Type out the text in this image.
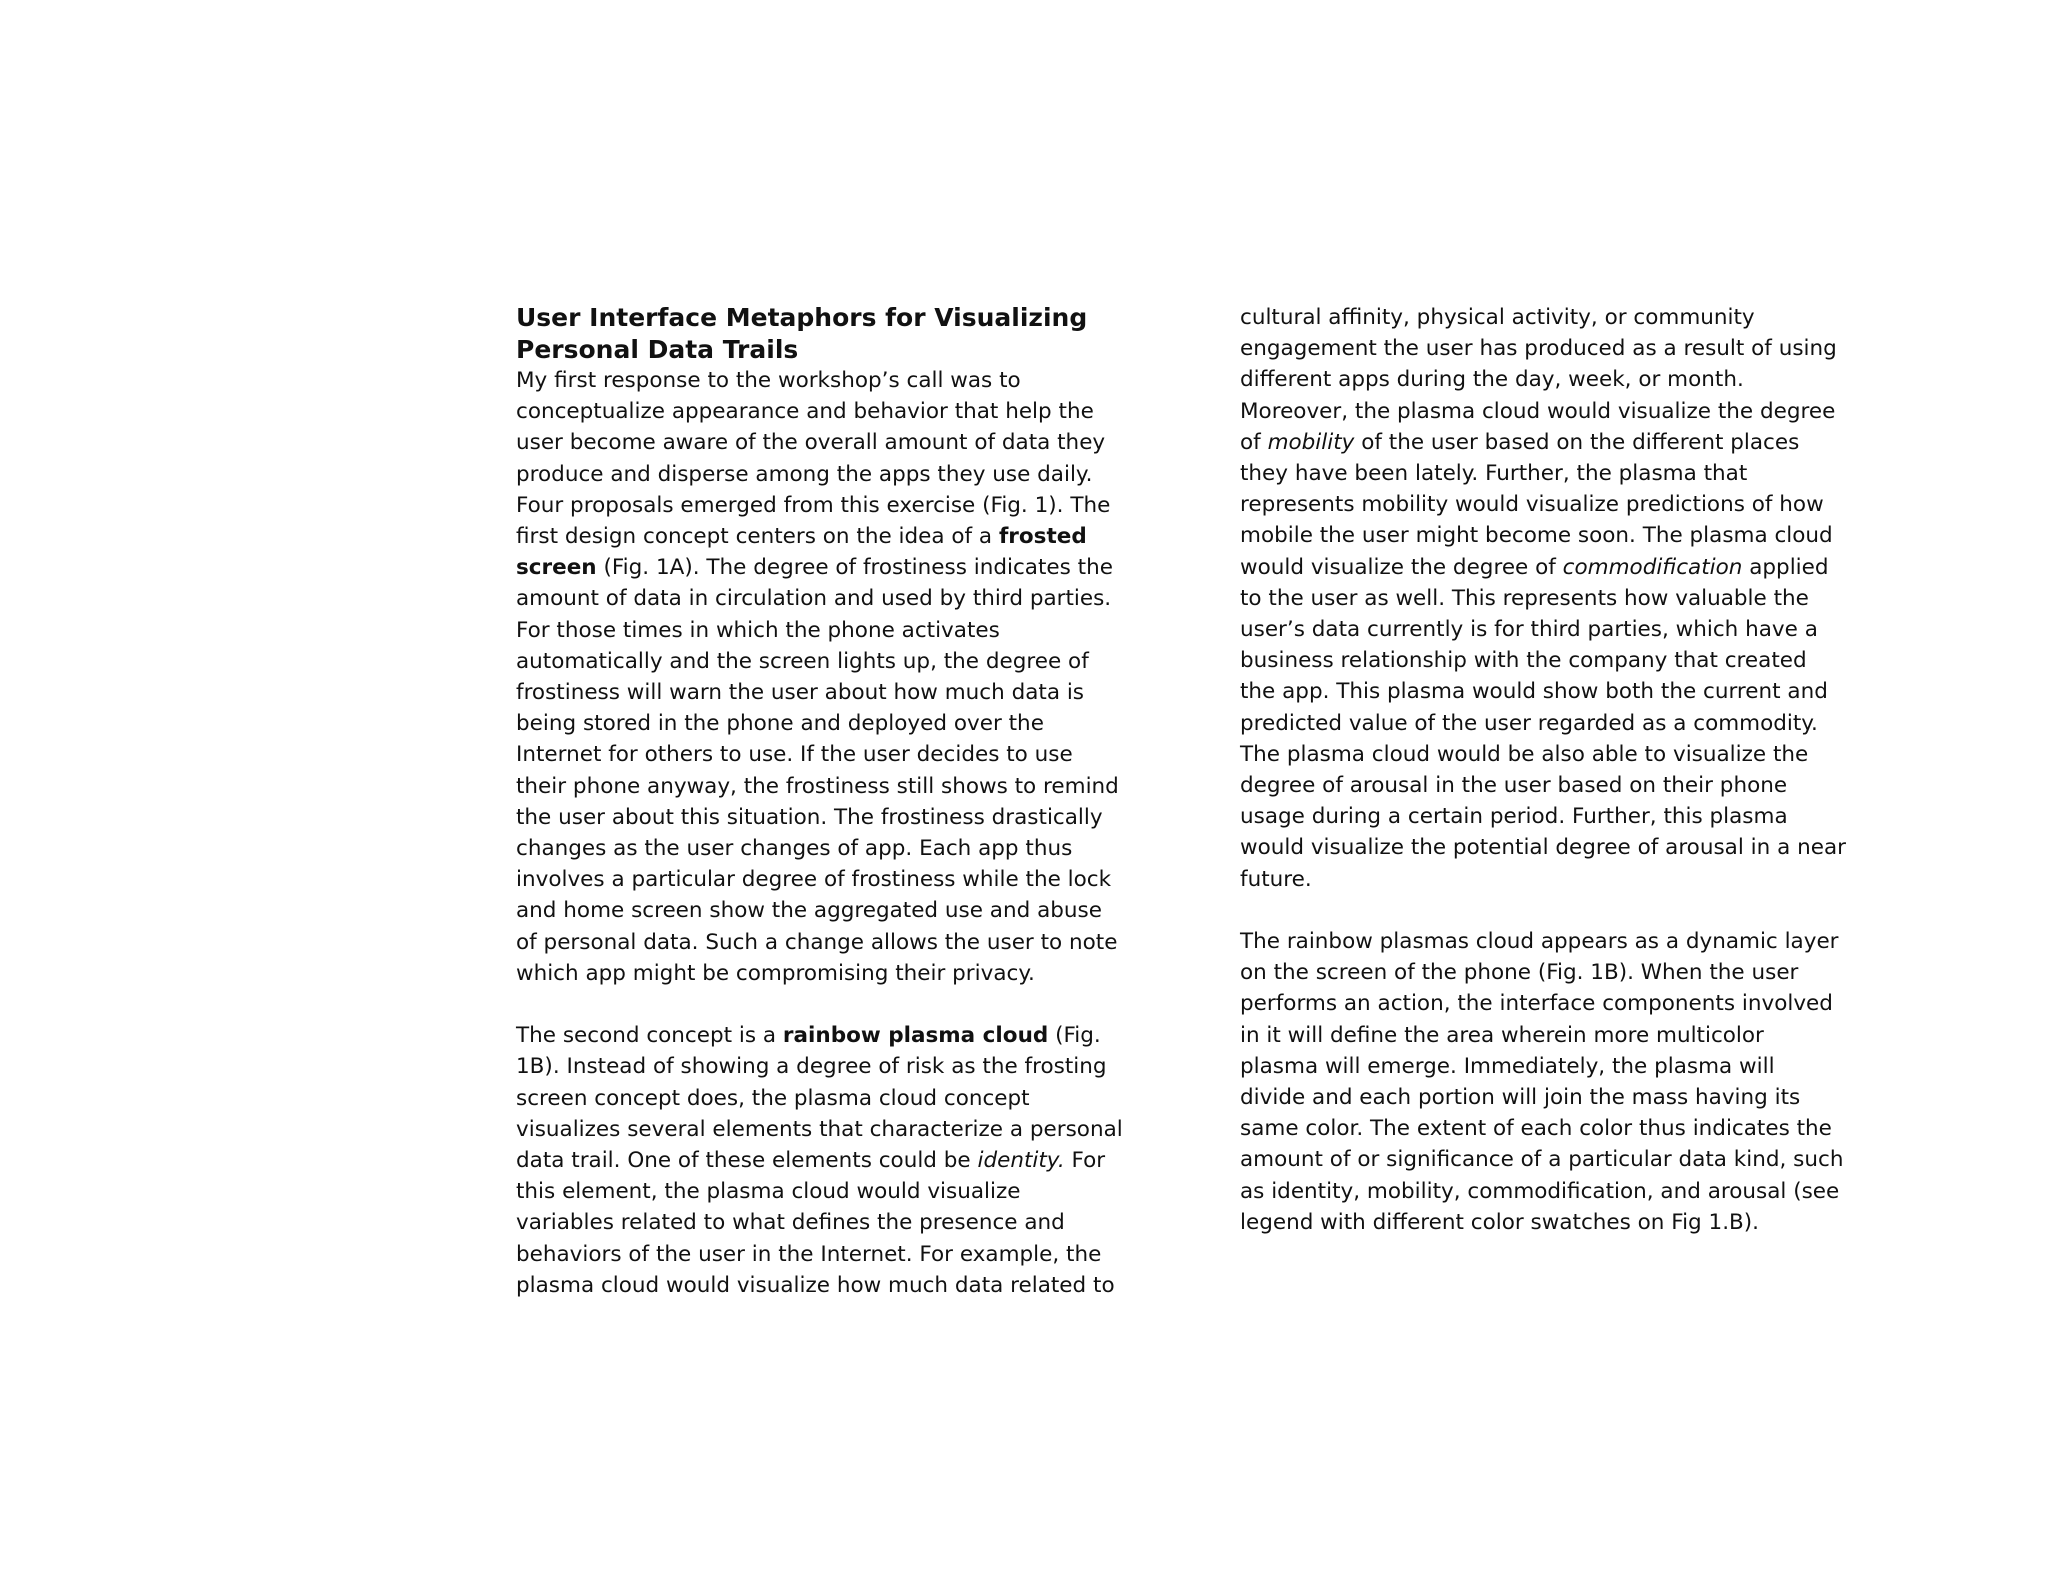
User Interface Metaphors for Visualizing
Personal Data Trails
My first response to the workshop’s call was to
conceptualize appearance and behavior that help the
user become aware of the overall amount of data they
produce and disperse among the apps they use daily.
Four proposals emerged from this exercise (Fig. 1). The
first design concept centers on the idea of a frosted
screen (Fig. 1A). The degree of frostiness indicates the
amount of data in circulation and used by third parties.
For those times in which the phone activates
automatically and the screen lights up, the degree of
frostiness will warn the user about how much data is
being stored in the phone and deployed over the
Internet for others to use. If the user decides to use
their phone anyway, the frostiness still shows to remind
the user about this situation. The frostiness drastically
changes as the user changes of app. Each app thus
involves a particular degree of frostiness while the lock
and home screen show the aggregated use and abuse
of personal data. Such a change allows the user to note
which app might be compromising their privacy.
The second concept is a rainbow plasma cloud (Fig.
1B). Instead of showing a degree of risk as the frosting
screen concept does, the plasma cloud concept
visualizes several elements that characterize a personal
data trail. One of these elements could be identity. For
this element, the plasma cloud would visualize
variables related to what defines the presence and
behaviors of the user in the Internet. For example, the
plasma cloud would visualize how much data related to
cultural affinity, physical activity, or community
engagement the user has produced as a result of using
different apps during the day, week, or month.
Moreover, the plasma cloud would visualize the degree
of mobility of the user based on the different places
they have been lately. Further, the plasma that
represents mobility would visualize predictions of how
mobile the user might become soon. The plasma cloud
would visualize the degree of commodification applied
to the user as well. This represents how valuable the
user’s data currently is for third parties, which have a
business relationship with the company that created
the app. This plasma would show both the current and
predicted value of the user regarded as a commodity.
The plasma cloud would be also able to visualize the
degree of arousal in the user based on their phone
usage during a certain period. Further, this plasma
would visualize the potential degree of arousal in a near
future.
The rainbow plasmas cloud appears as a dynamic layer
on the screen of the phone (Fig. 1B). When the user
performs an action, the interface components involved
in it will define the area wherein more multicolor
plasma will emerge. Immediately, the plasma will
divide and each portion will join the mass having its
same color. The extent of each color thus indicates the
amount of or significance of a particular data kind, such
as identity, mobility, commodification, and arousal (see
legend with different color swatches on Fig 1.B).
